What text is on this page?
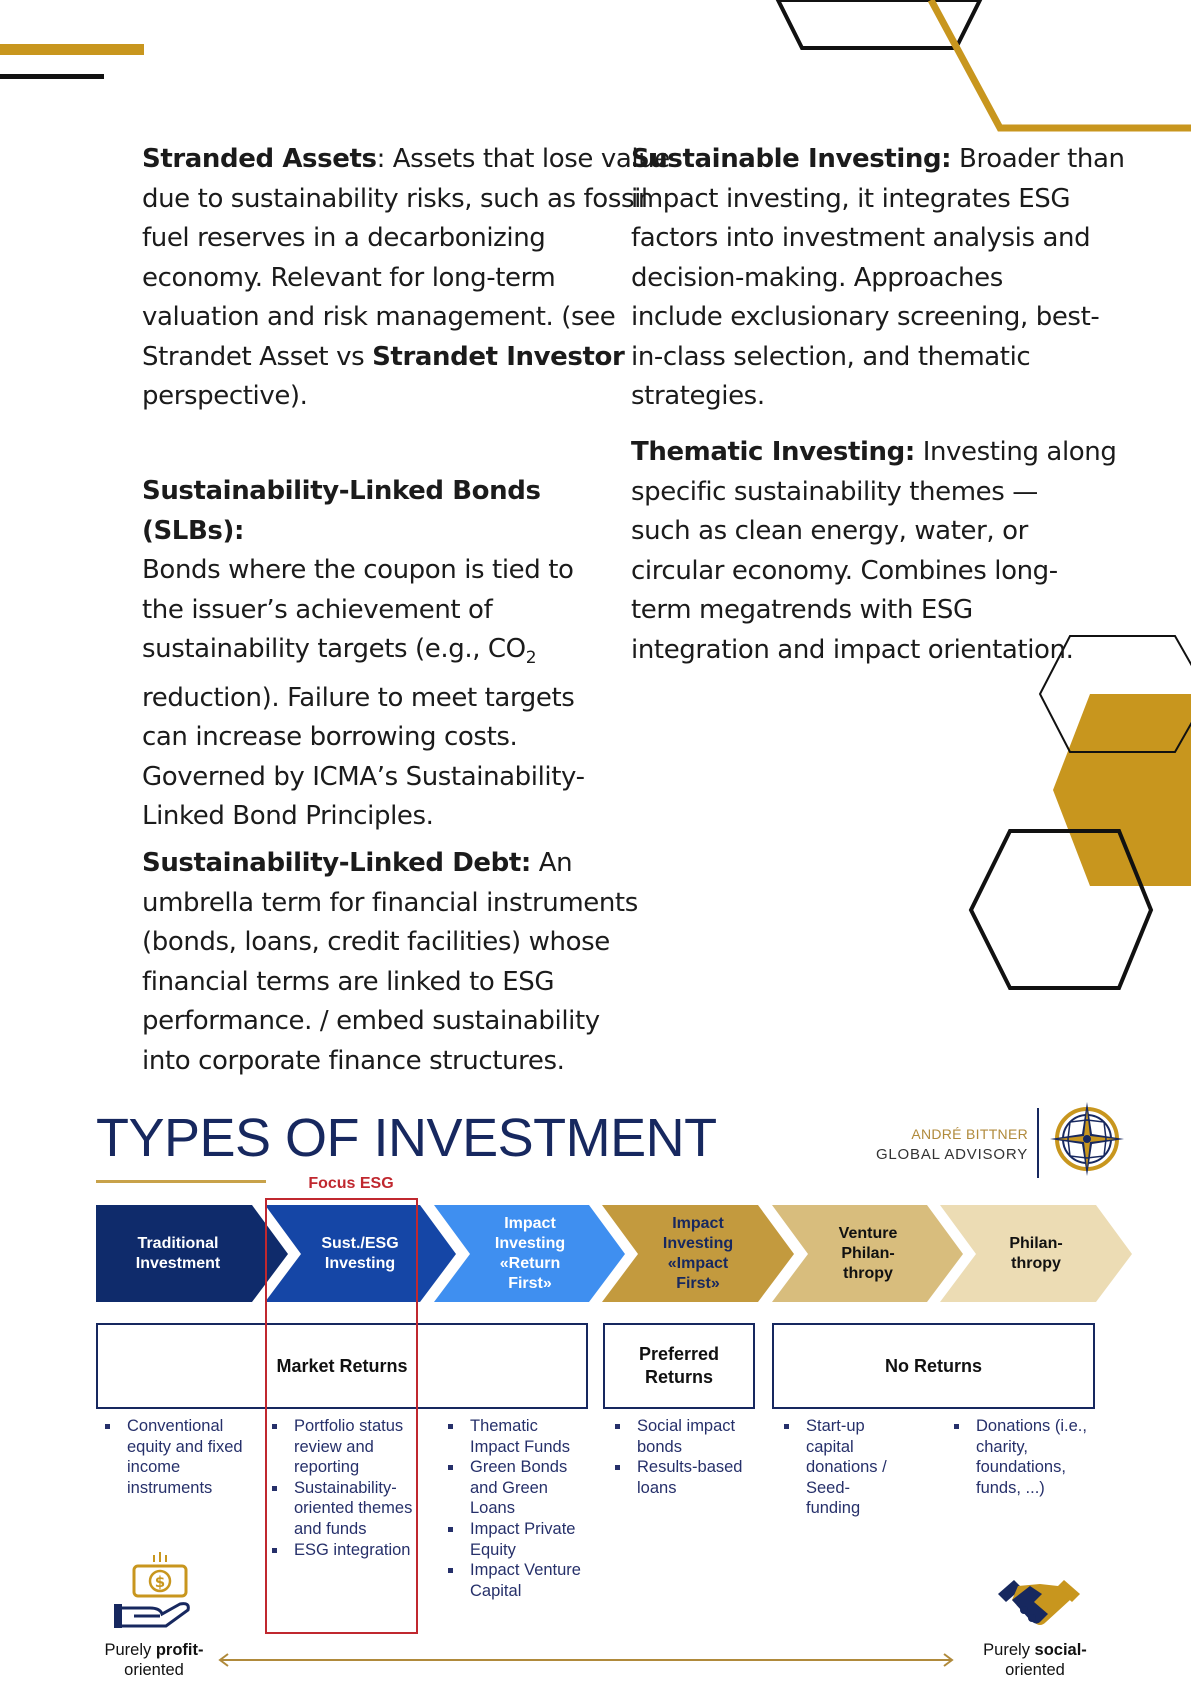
Stranded Assets: Assets that lose value
due to sustainability risks, such as fossil
fuel reserves in a decarbonizing
economy. Relevant for long-term
valuation and risk management. (see
Strandet Asset vs Strandet Investor
perspective).
Sustainability-Linked Bonds
(SLBs):
Bonds where the coupon is tied to
the issuer’s achievement of
sustainability targets (e.g., $CO_2$
reduction). Failure to meet targets
can increase borrowing costs.
Governed by ICMA’s Sustainability-
Linked Bond Principles.
Sustainability-Linked Debt: An
umbrella term for financial instruments
(bonds, loans, credit facilities) whose
financial terms are linked to ESG
performance. / embed sustainability
into corporate finance structures.
Sustainable Investing: Broader than
impact investing, it integrates ESG
factors into investment analysis and
decision-making. Approaches
include exclusionary screening, best-
in-class selection, and thematic
strategies.
Thematic Investing: Investing along
specific sustainability themes —
such as clean energy, water, or
circular economy. Combines long-
term megatrends with ESG
integration and impact orientation.
TYPES OF INVESTMENT	ANDRÉ BITTNER
GLOBAL ADVISORY
Focus ESG
Traditional
Investment
Sust./ESG
Investing
Impact
Investing
«Return
First»
Impact
Investing
«Impact
First»
Venture
Philan-
thropy
Philan-
thropy
Market Returns
Preferred
Returns
No Returns
Conventional equity and fixed income instruments
Portfolio status review and reporting
Sustainability-oriented themes and funds
ESG integration
Thematic Impact Funds
Green Bonds and Green Loans
Impact Private Equity
Impact Venture Capital
Social impact bonds
Results-based loans
Start-up capital donations / Seed-funding
Donations (i.e., charity, foundations, funds, ...)
$
Purely profit-
oriented
Purely social-
oriented
